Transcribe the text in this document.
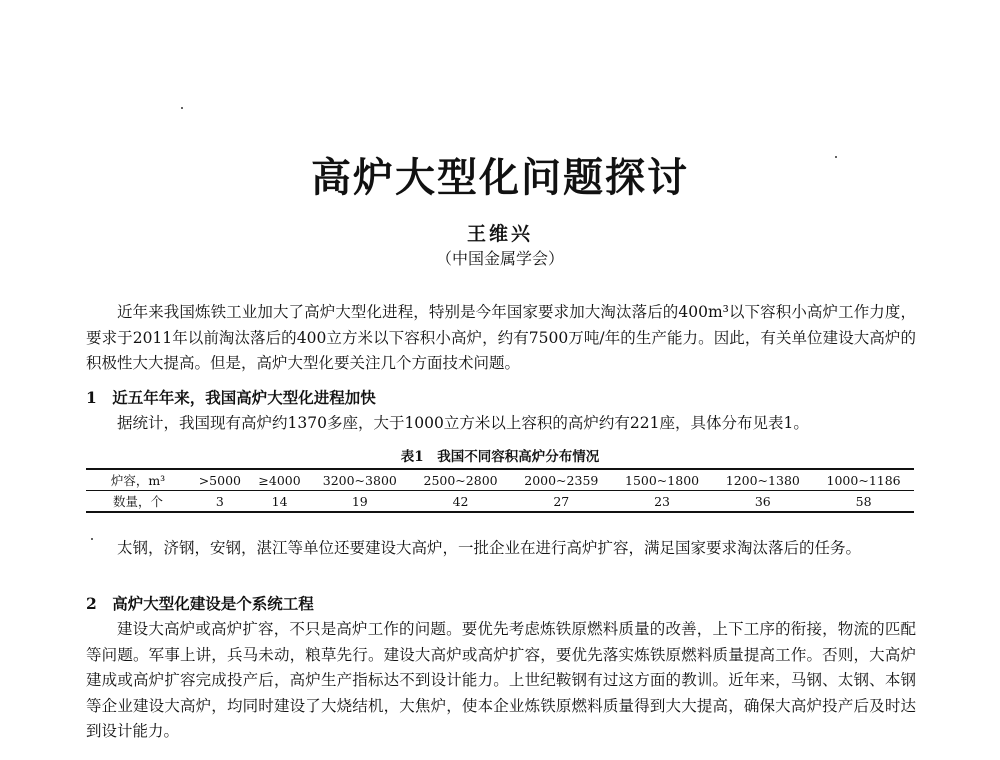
高炉大型化问题探讨
王维兴
（中国金属学会）

近年来我国炼铁工业加大了高炉大型化进程，特别是今年国家要求加大淘汰落后的400m³以下容积小高炉工作力度，要求于2011年以前淘汰落后的400立方米以下容积小高炉，约有7500万吨/年的生产能力。因此，有关单位建设大高炉的积极性大大提高。但是，高炉大型化要关注几个方面技术问题。

1　近五年年来，我国高炉大型化进程加快

据统计，我国现有高炉约1370多座，大于1000立方米以上容积的高炉约有221座，具体分布见表1。

表1　我国不同容积高炉分布情况
炉容，m³	>5000	≥4000	3200~3800	2500~2800	2000~2359	1500~1800	1200~1380	1000~1186
数量，个	3	14	19	42	27	23	36	58

太钢，济钢，安钢，湛江等单位还要建设大高炉，一批企业在进行高炉扩容，满足国家要求淘汰落后的任务。

2　高炉大型化建设是个系统工程

建设大高炉或高炉扩容，不只是高炉工作的问题。要优先考虑炼铁原燃料质量的改善，上下工序的衔接，物流的匹配等问题。军事上讲，兵马未动，粮草先行。建设大高炉或高炉扩容，要优先落实炼铁原燃料质量提高工作。否则，大高炉建成或高炉扩容完成投产后，高炉生产指标达不到设计能力。上世纪鞍钢有过这方面的教训。近年来，马钢、太钢、本钢等企业建设大高炉，均同时建设了大烧结机，大焦炉，使本企业炼铁原燃料质量得到大大提高，确保大高炉投产后及时达到设计能力。
